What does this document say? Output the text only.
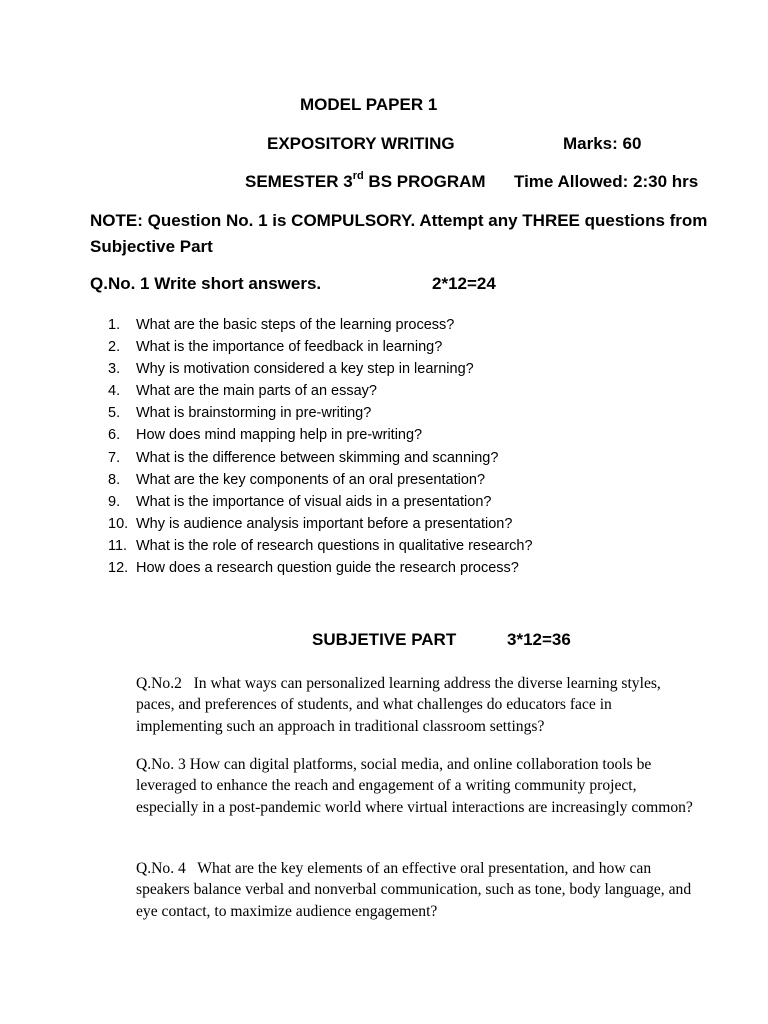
MODEL PAPER 1
EXPOSITORY WRITING	Marks: 60
SEMESTER 3rd BS PROGRAM Time Allowed: 2:30 hrs
NOTE: Question No. 1 is COMPULSORY. Attempt any THREE questions from Subjective Part
Q.No. 1 Write short answers.	2*12=24
1.	What are the basic steps of the learning process?
2.	What is the importance of feedback in learning?
3.	Why is motivation considered a key step in learning?
4.	What are the main parts of an essay?
5.	What is brainstorming in pre-writing?
6.	How does mind mapping help in pre-writing?
7.	What is the difference between skimming and scanning?
8.	What are the key components of an oral presentation?
9.	What is the importance of visual aids in a presentation?
10. Why is audience analysis important before a presentation?
11. What is the role of research questions in qualitative research?
12. How does a research question guide the research process?
SUBJETIVE PART	3*12=36
Q.No.2   In what ways can personalized learning address the diverse learning styles, paces, and preferences of students, and what challenges do educators face in implementing such an approach in traditional classroom settings?
Q.No. 3 How can digital platforms, social media, and online collaboration tools be leveraged to enhance the reach and engagement of a writing community project, especially in a post-pandemic world where virtual interactions are increasingly common?
Q.No. 4   What are the key elements of an effective oral presentation, and how can speakers balance verbal and nonverbal communication, such as tone, body language, and eye contact, to maximize audience engagement?
